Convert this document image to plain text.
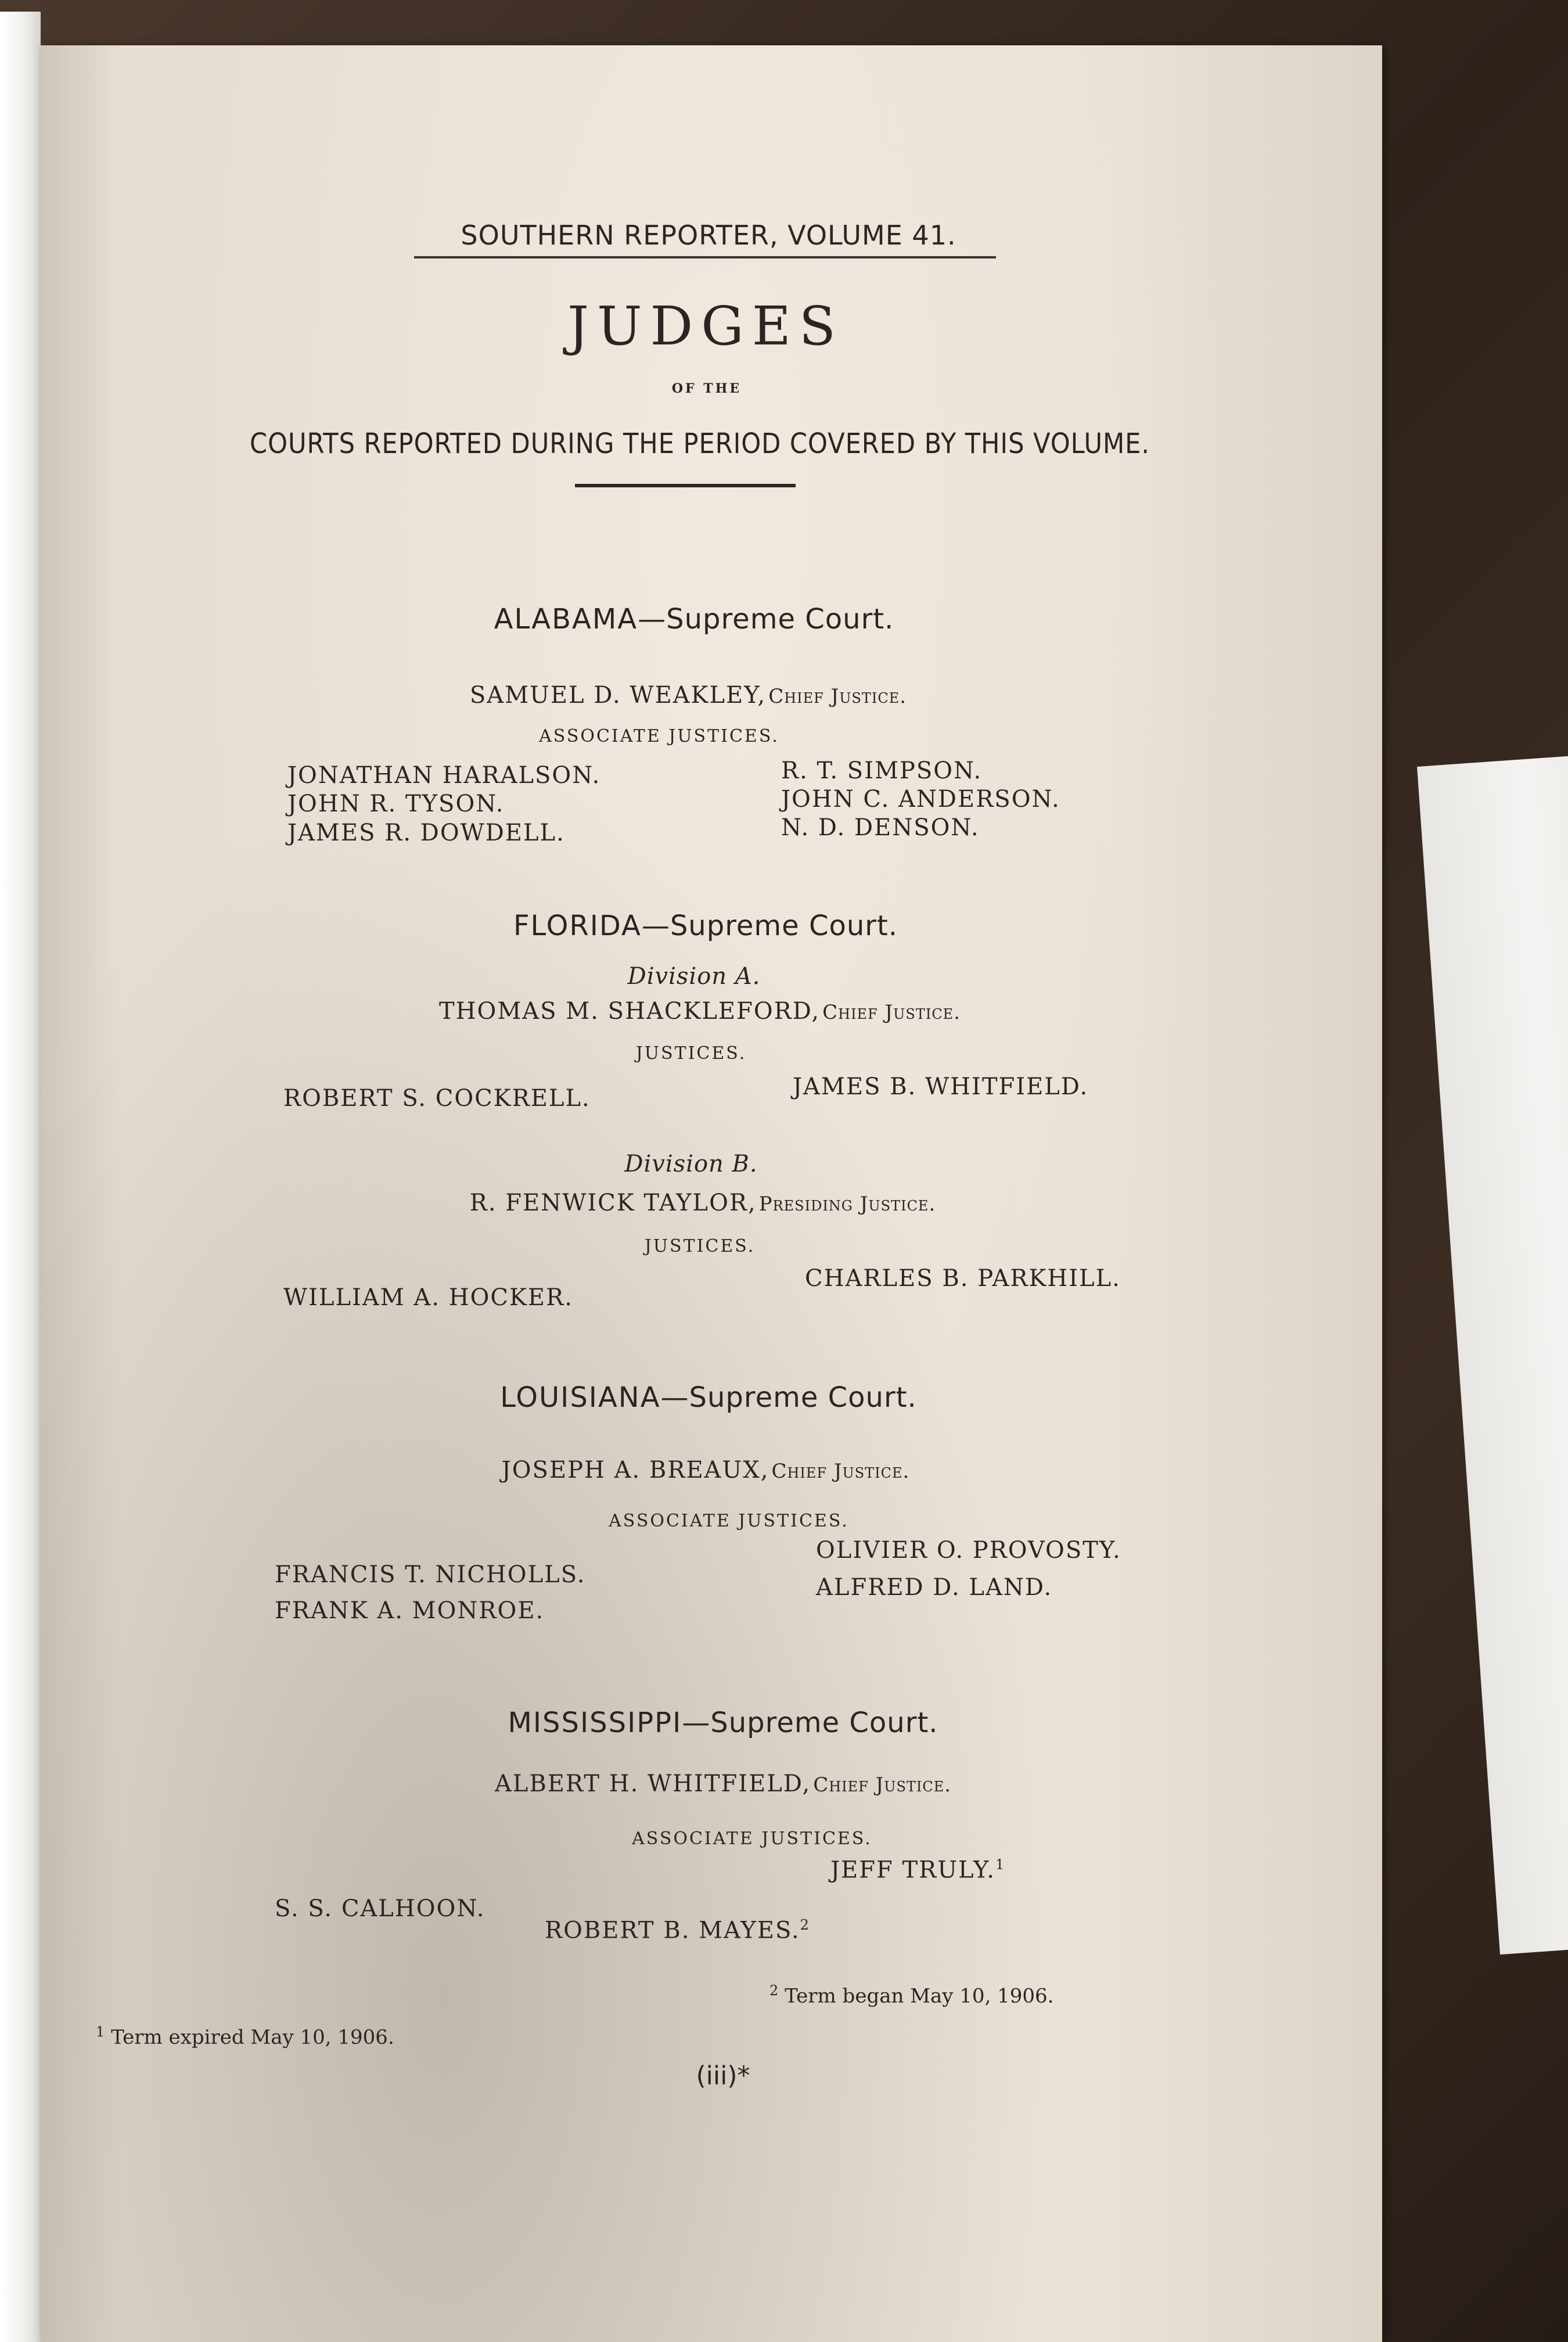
SOUTHERN REPORTER, VOLUME 41.
JUDGES
OF THE
COURTS REPORTED DURING THE PERIOD COVERED BY THIS VOLUME.
ALABAMA—Supreme Court.
SAMUEL D. WEAKLEY, Chief Justice.
ASSOCIATE JUSTICES.
JONATHAN HARALSON.
JOHN R. TYSON.
JAMES R. DOWDELL.
R. T. SIMPSON.
JOHN C. ANDERSON.
N. D. DENSON.
FLORIDA—Supreme Court.
Division A.
THOMAS M. SHACKLEFORD, Chief Justice.
JUSTICES.
ROBERT S. COCKRELL.	JAMES B. WHITFIELD.
Division B.
R. FENWICK TAYLOR, Presiding Justice.
JUSTICES.
WILLIAM A. HOCKER.
CHARLES B. PARKHILL.
LOUISIANA—Supreme Court.
JOSEPH A. BREAUX, Chief Justice.
ASSOCIATE JUSTICES.
FRANCIS T. NICHOLLS.
FRANK A. MONROE.
OLIVIER O. PROVOSTY.
ALFRED D. LAND.
MISSISSIPPI—Supreme Court.
ALBERT H. WHITFIELD, Chief Justice.
ASSOCIATE JUSTICES.
S. S. CALHOON.
ROBERT B. MAYES.$^2$
JEFF TRULY.$^1$
$^1$ Term expired May 10, 1906.
$^2$ Term began May 10, 1906.
(iii)*
